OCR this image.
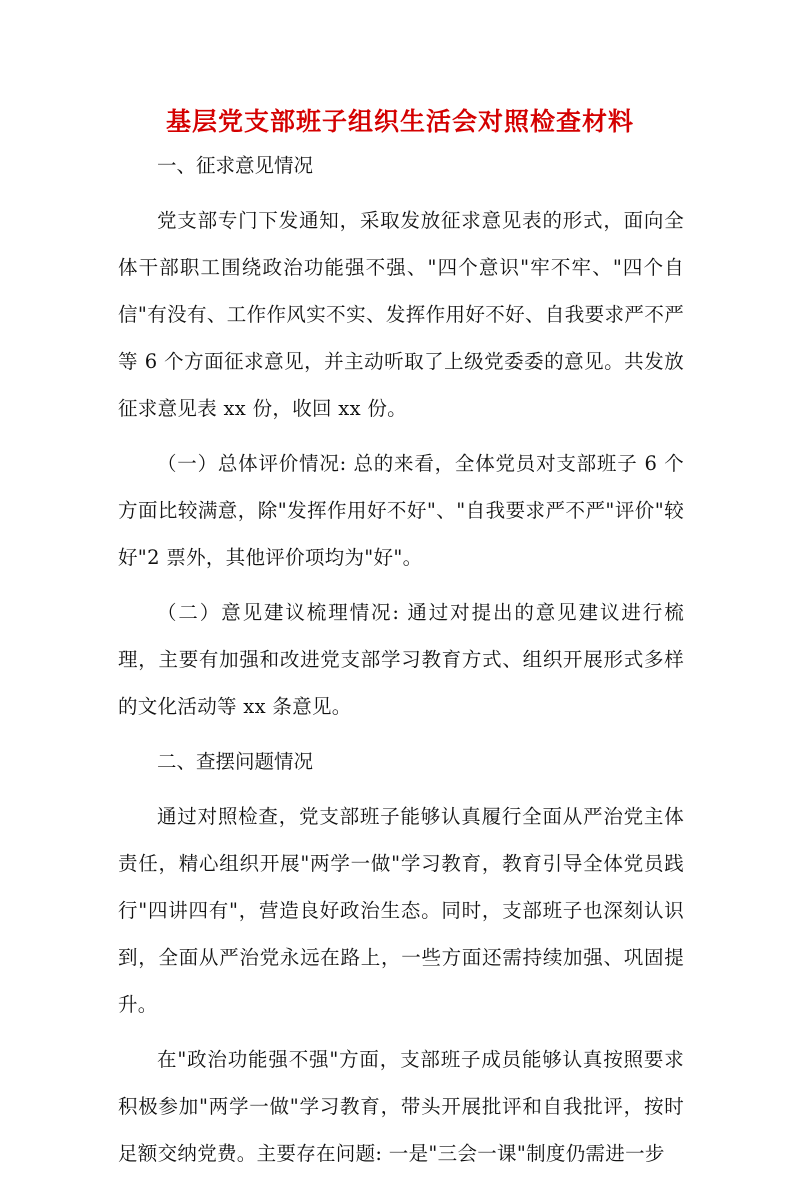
基层党支部班子组织生活会对照检查材料

一、征求意见情况

党支部专门下发通知，采取发放征求意见表的形式，面向全体干部职工围绕政治功能强不强、"四个意识"牢不牢、"四个自信"有没有、工作作风实不实、发挥作用好不好、自我要求严不严等 6 个方面征求意见，并主动听取了上级党委委的意见。共发放征求意见表 xx 份，收回 xx 份。

（一）总体评价情况: 总的来看，全体党员对支部班子 6 个方面比较满意，除"发挥作用好不好"、"自我要求严不严"评价"较好"2 票外，其他评价项均为"好"。

（二）意见建议梳理情况: 通过对提出的意见建议进行梳理，主要有加强和改进党支部学习教育方式、组织开展形式多样的文化活动等 xx 条意见。

二、查摆问题情况

通过对照检查，党支部班子能够认真履行全面从严治党主体责任，精心组织开展"两学一做"学习教育，教育引导全体党员践行"四讲四有"，营造良好政治生态。同时，支部班子也深刻认识到，全面从严治党永远在路上，一些方面还需持续加强、巩固提升。

在"政治功能强不强"方面，支部班子成员能够认真按照要求积极参加"两学一做"学习教育，带头开展批评和自我批评，按时足额交纳党费。主要存在问题: 一是"三会一课"制度仍需进一步
